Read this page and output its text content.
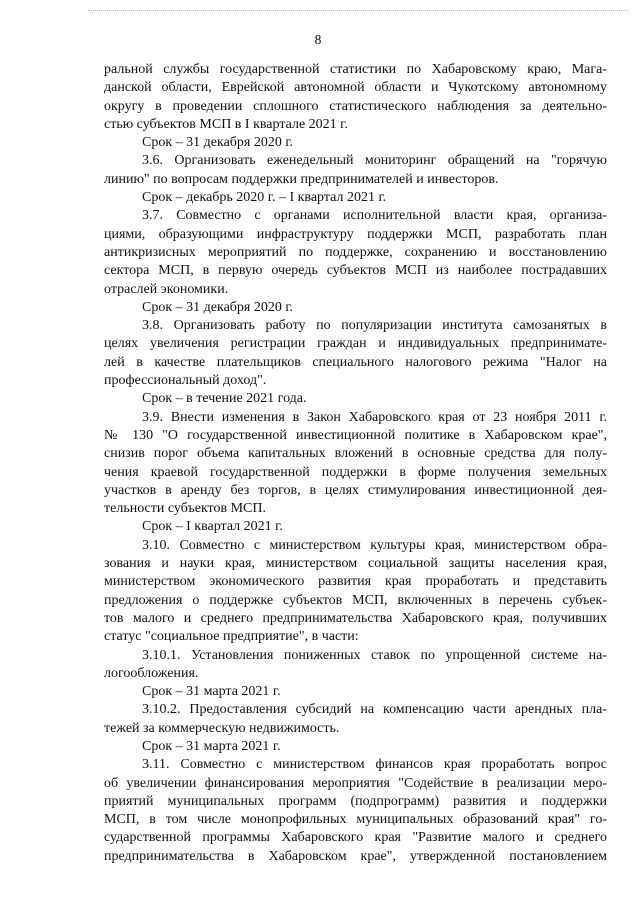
8
ральной службы государственной статистики по Хабаровскому краю, Мага-
данской области, Еврейской автономной области и Чукотскому автономному
округу в проведении сплошного статистического наблюдения за деятельно-
стью субъектов МСП в I квартале 2021 г.
Срок – 31 декабря 2020 г.
3.6. Организовать еженедельный мониторинг обращений на "горячую
линию" по вопросам поддержки предпринимателей и инвесторов.
Срок – декабрь 2020 г. – I квартал 2021 г.
3.7. Совместно с органами исполнительной власти края, организа-
циями, образующими инфраструктуру поддержки МСП, разработать план
антикризисных мероприятий по поддержке, сохранению и восстановлению
сектора МСП, в первую очередь субъектов МСП из наиболее пострадавших
отраслей экономики.
Срок – 31 декабря 2020 г.
3.8. Организовать работу по популяризации института самозанятых в
целях увеличения регистрации граждан и индивидуальных предпринимате-
лей в качестве плательщиков специального налогового режима "Налог на
профессиональный доход".
Срок – в течение 2021 года.
3.9. Внести изменения в Закон Хабаровского края от 23 ноября 2011 г.
№ 130 "О государственной инвестиционной политике в Хабаровском крае",
снизив порог объема капитальных вложений в основные средства для полу-
чения краевой государственной поддержки в форме получения земельных
участков в аренду без торгов, в целях стимулирования инвестиционной дея-
тельности субъектов МСП.
Срок – I квартал 2021 г.
3.10. Совместно с министерством культуры края, министерством обра-
зования и науки края, министерством социальной защиты населения края,
министерством экономического развития края проработать и представить
предложения о поддержке субъектов МСП, включенных в перечень субъек-
тов малого и среднего предпринимательства Хабаровского края, получивших
статус "социальное предприятие", в части:
3.10.1. Установления пониженных ставок по упрощенной системе на-
логообложения.
Срок – 31 марта 2021 г.
3.10.2. Предоставления субсидий на компенсацию части арендных пла-
тежей за коммерческую недвижимость.
Срок – 31 марта 2021 г.
3.11. Совместно с министерством финансов края проработать вопрос
об увеличении финансирования мероприятия "Содействие в реализации меро-
приятий муниципальных программ (подпрограмм) развития и поддержки
МСП, в том числе монопрофильных муниципальных образований края" го-
сударственной программы Хабаровского края "Развитие малого и среднего
предпринимательства в Хабаровском крае", утвержденной постановлением
